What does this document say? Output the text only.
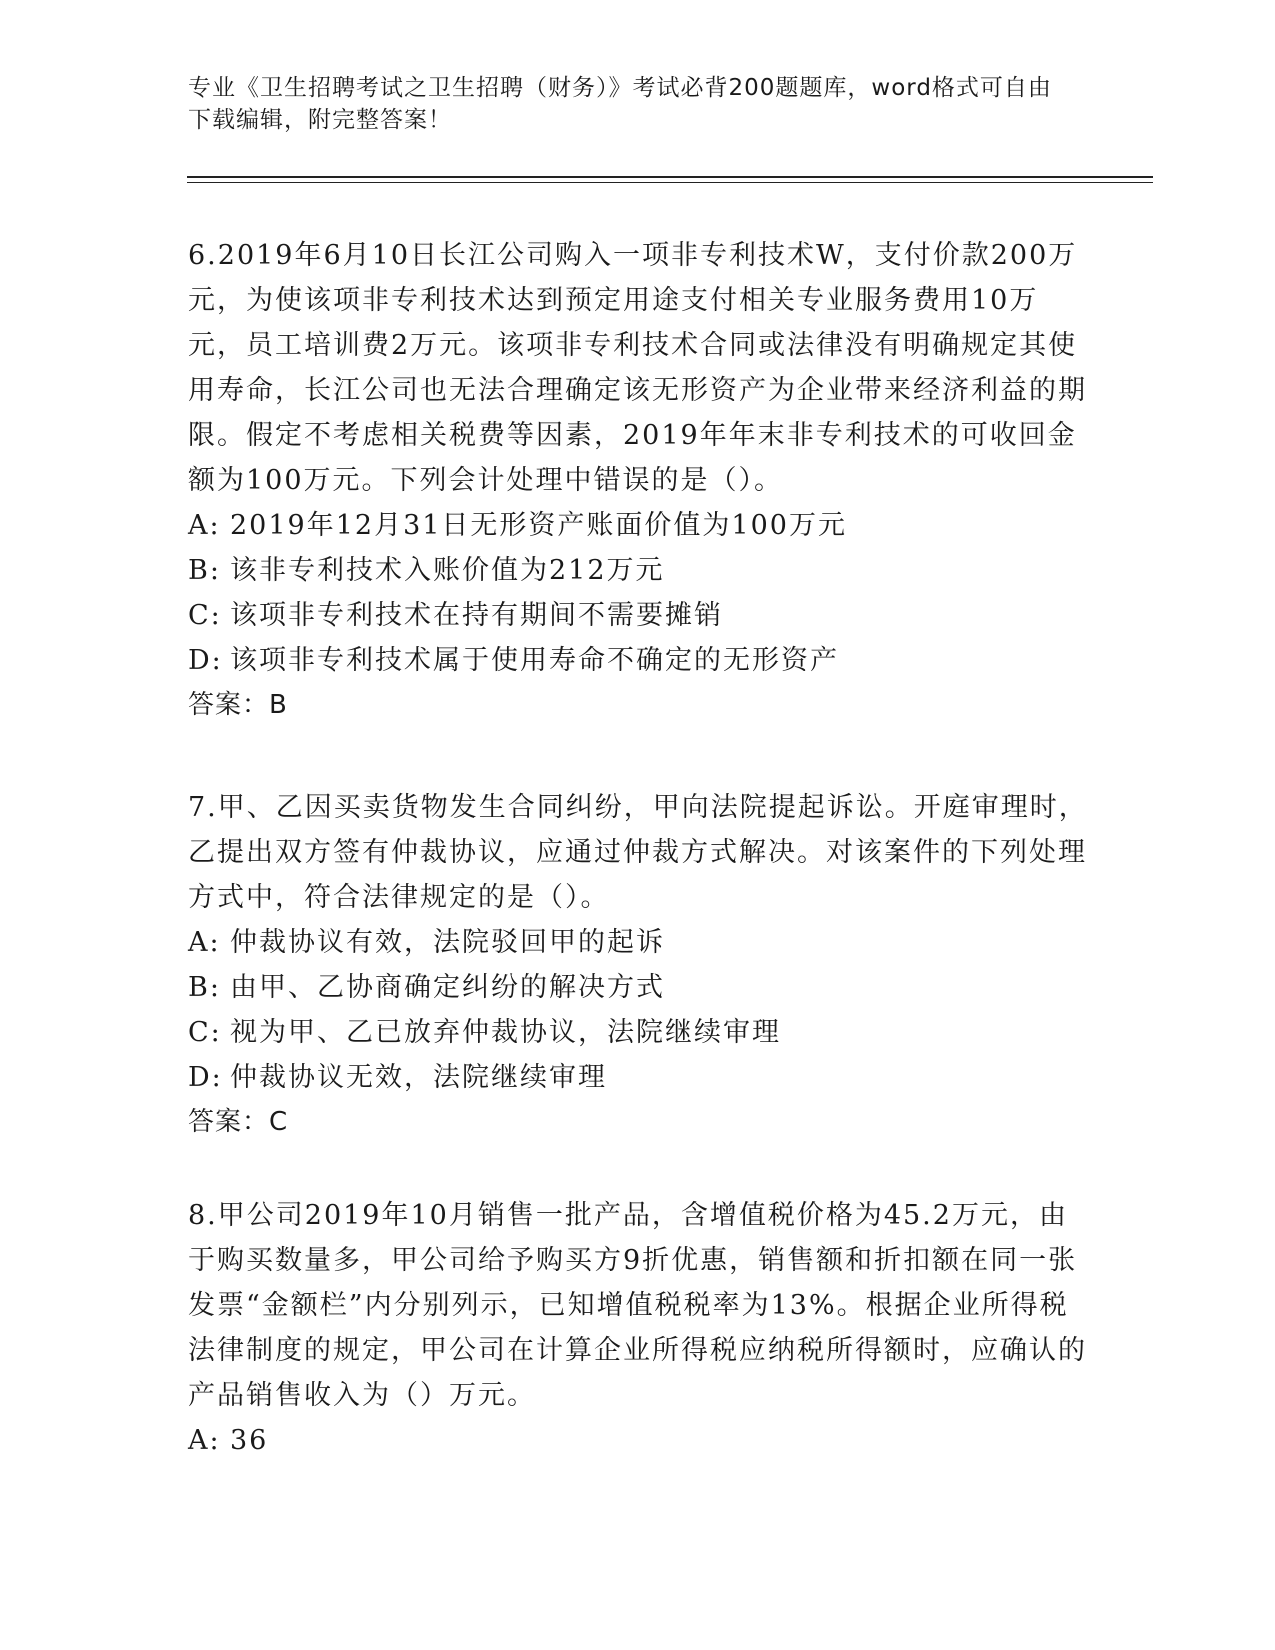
专业《卫生招聘考试之卫生招聘（财务）》考试必背200题题库，word格式可自由下载编辑，附完整答案！
6.2019年6月10日长江公司购入一项非专利技术W，支付价款200万元，为使该项非专利技术达到预定用途支付相关专业服务费用10万元，员工培训费2万元。该项非专利技术合同或法律没有明确规定其使用寿命，长江公司也无法合理确定该无形资产为企业带来经济利益的期限。假定不考虑相关税费等因素，2019年年末非专利技术的可收回金额为100万元。下列会计处理中错误的是（）。
A: 2019年12月31日无形资产账面价值为100万元
B: 该非专利技术入账价值为212万元
C: 该项非专利技术在持有期间不需要摊销
D: 该项非专利技术属于使用寿命不确定的无形资产
答案：B
7.甲、乙因买卖货物发生合同纠纷，甲向法院提起诉讼。开庭审理时，乙提出双方签有仲裁协议，应通过仲裁方式解决。对该案件的下列处理方式中，符合法律规定的是（）。
A: 仲裁协议有效，法院驳回甲的起诉
B: 由甲、乙协商确定纠纷的解决方式
C: 视为甲、乙已放弃仲裁协议，法院继续审理
D: 仲裁协议无效，法院继续审理
答案：C
8.甲公司2019年10月销售一批产品，含增值税价格为45.2万元，由于购买数量多，甲公司给予购买方9折优惠，销售额和折扣额在同一张发票“金额栏”内分别列示，已知增值税税率为13%。根据企业所得税法律制度的规定，甲公司在计算企业所得税应纳税所得额时，应确认的产品销售收入为（）万元。
A: 36
